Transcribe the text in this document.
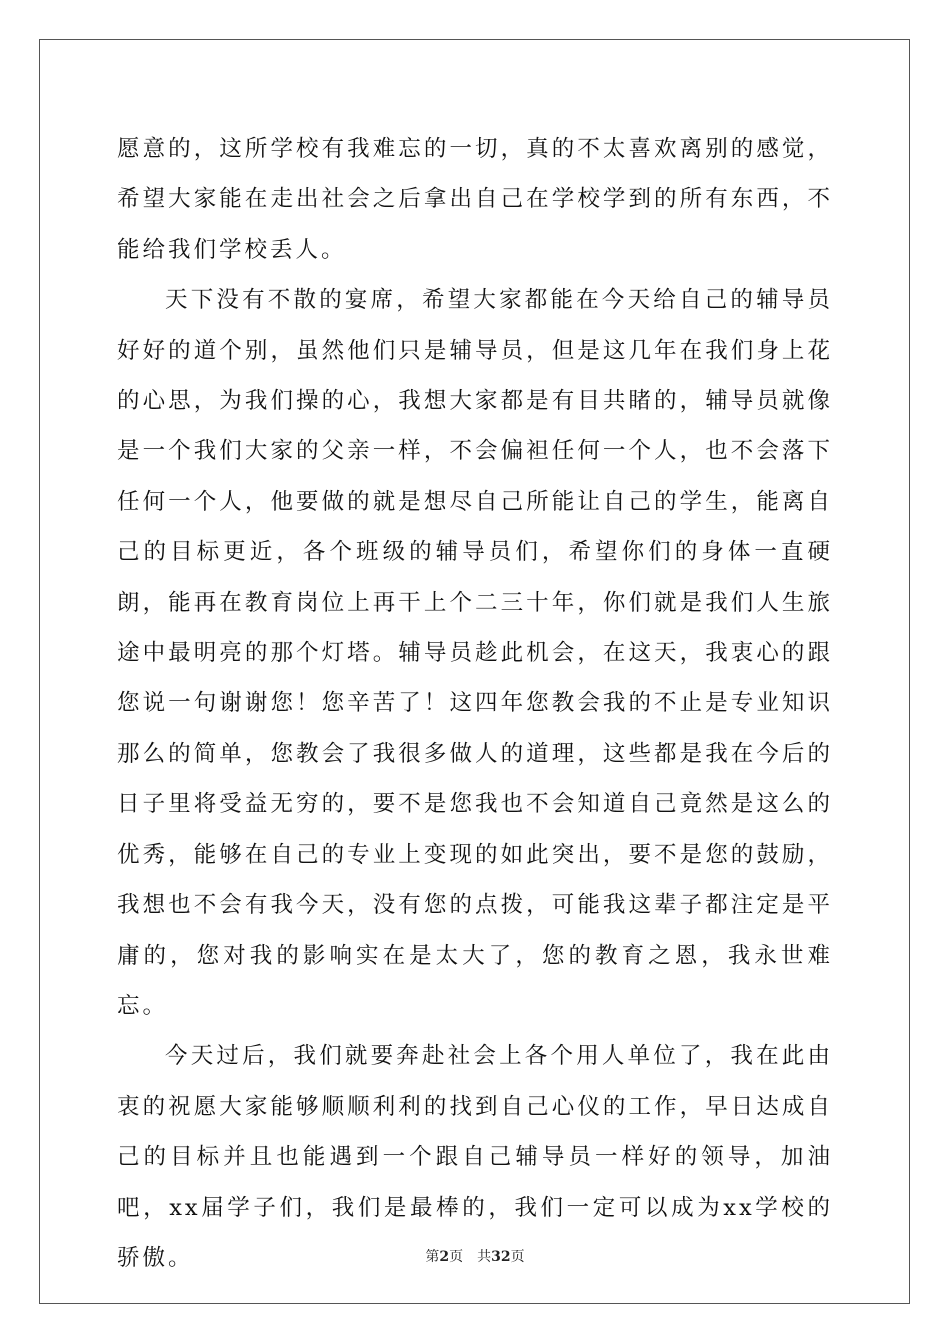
愿意的，这所学校有我难忘的一切，真的不太喜欢离别的感觉，希望大家能在走出社会之后拿出自己在学校学到的所有东西，不能给我们学校丢人。

天下没有不散的宴席，希望大家都能在今天给自己的辅导员好好的道个别，虽然他们只是辅导员，但是这几年在我们身上花的心思，为我们操的心，我想大家都是有目共睹的，辅导员就像是一个我们大家的父亲一样，不会偏袒任何一个人，也不会落下任何一个人，他要做的就是想尽自己所能让自己的学生，能离自己的目标更近，各个班级的辅导员们，希望你们的身体一直硬朗，能再在教育岗位上再干上个二三十年，你们就是我们人生旅途中最明亮的那个灯塔。辅导员趁此机会，在这天，我衷心的跟您说一句谢谢您！您辛苦了！这四年您教会我的不止是专业知识那么的简单，您教会了我很多做人的道理，这些都是我在今后的日子里将受益无穷的，要不是您我也不会知道自己竟然是这么的优秀，能够在自己的专业上变现的如此突出，要不是您的鼓励，我想也不会有我今天，没有您的点拨，可能我这辈子都注定是平庸的，您对我的影响实在是太大了，您的教育之恩，我永世难忘。

今天过后，我们就要奔赴社会上各个用人单位了，我在此由衷的祝愿大家能够顺顺利利的找到自己心仪的工作，早日达成自己的目标并且也能遇到一个跟自己辅导员一样好的领导，加油吧，xx届学子们，我们是最棒的，我们一定可以成为xx学校的骄傲。	第2页 共32页
